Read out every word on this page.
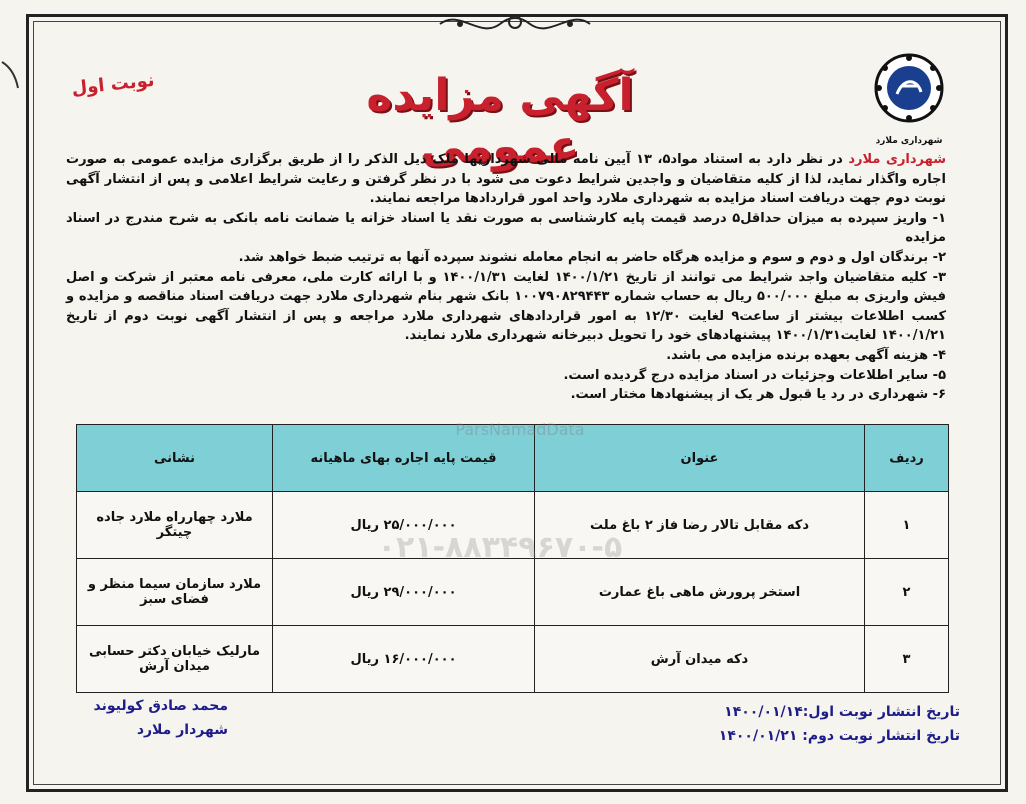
شهرداری ملارد
آگهی مزایده عمومی
نوبت اول

شهرداری ملارد در نظر دارد به استناد مواد۵، ۱۳ آیین نامه مالی شهرداریها ملک ذیل الذکر را از طریق برگزاری مزایده عمومی به صورت اجاره واگذار نماید، لذا از کلیه متقاضیان و واجدین شرایط دعوت می شود با در نظر گرفتن و رعایت شرایط اعلامی و پس از انتشار آگهی نوبت دوم جهت دریافت اسناد مزایده به شهرداری ملارد واحد امور قراردادها مراجعه نمایند.

۱- واریز سپرده به میزان حداقل۵ درصد قیمت پایه کارشناسی به صورت نقد یا اسناد خزانه یا ضمانت نامه بانکی به شرح مندرج در اسناد مزایده

۲- برندگان اول و دوم و سوم و مزایده هرگاه حاضر به انجام معامله نشوند سپرده آنها به ترتیب ضبط خواهد شد.

۳- کلیه متقاضیان واجد شرایط می توانند از تاریخ ۱۴۰۰/۱/۲۱ لغایت ۱۴۰۰/۱/۳۱ و با ارائه کارت ملی، معرفی نامه معتبر از شرکت و اصل فیش واریزی به مبلغ ۵۰۰/۰۰۰ ریال به حساب شماره ۱۰۰۷۹۰۸۲۹۴۴۳ بانک شهر بنام شهرداری ملارد جهت دریافت اسناد مناقصه و مزایده و کسب اطلاعات بیشتر از ساعت۹ لغایت ۱۲/۳۰ به امور قراردادهای شهرداری ملارد مراجعه و پس از انتشار آگهی نوبت دوم از تاریخ ۱۴۰۰/۱/۲۱ لغایت۱۴۰۰/۱/۳۱ پیشنهادهای خود را تحویل دبیرخانه شهرداری ملارد نمایند.

۴- هزینه آگهی بعهده برنده مزایده می باشد.

۵- سایر اطلاعات وجزئیات در اسناد مزایده درج گردیده است.

۶- شهرداری در رد یا قبول هر یک از پیشنهادها مختار است.

ردیف	عنوان	قیمت پایه اجاره بهای ماهیانه	نشانی
۱	دکه مقابل تالار رضا فاز ۲ باغ ملت	۲۵/۰۰۰/۰۰۰ ریال	ملارد چهارراه ملارد جاده چیتگر
۲	استخر پرورش ماهی باغ عمارت	۲۹/۰۰۰/۰۰۰ ریال	ملارد سازمان سیما منظر و فضای سبز
۳	دکه میدان آرش	۱۶/۰۰۰/۰۰۰ ریال	مارلیک خیابان دکتر حسابی میدان آرش
ParsNamadData
۰۲۱-۸۸۳۴۹۶۷۰-۵
محمد صادق کولیوند
شهردار ملارد
تاریخ انتشار نوبت اول:۱۴۰۰/۰۱/۱۴
تاریخ انتشار نوبت دوم: ۱۴۰۰/۰۱/۲۱
